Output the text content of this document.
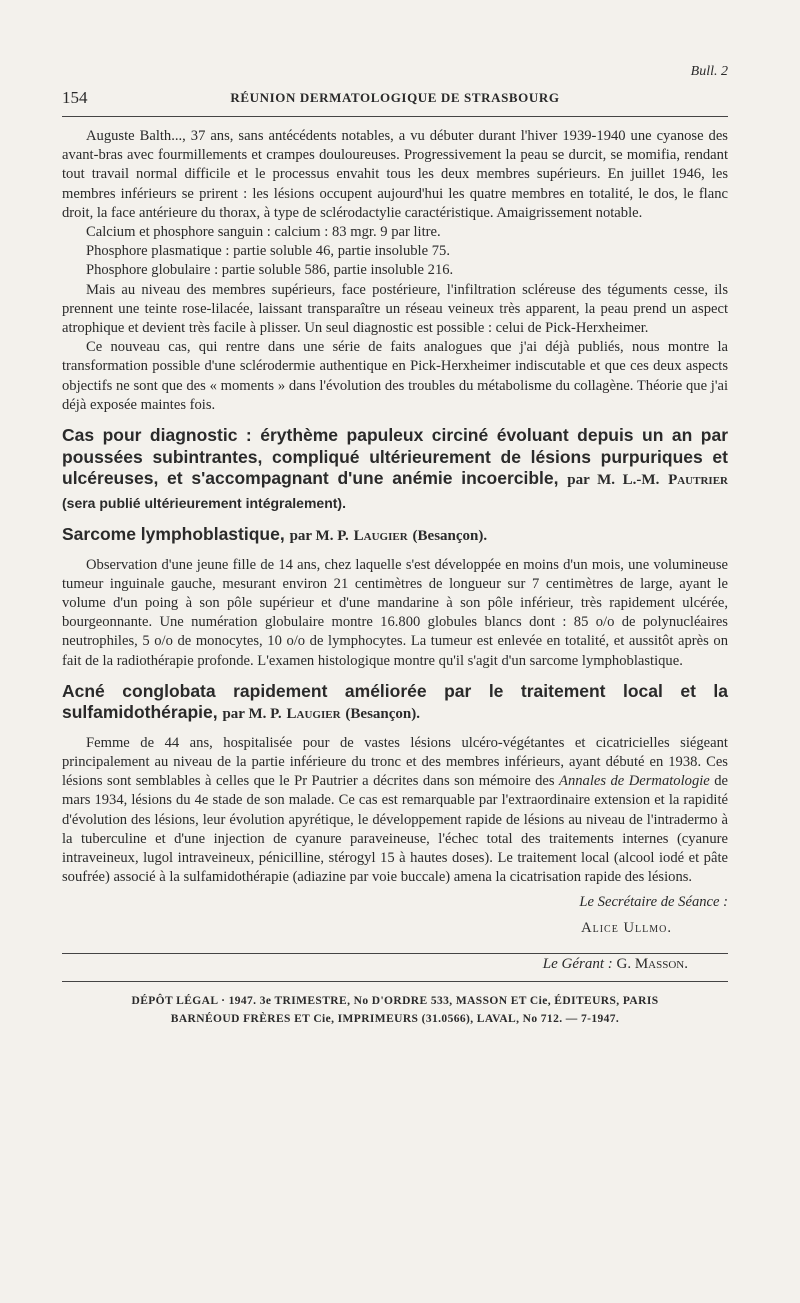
Bull. 2
154	RÉUNION DERMATOLOGIQUE DE STRASBOURG

Auguste Balth..., 37 ans, sans antécédents notables, a vu débuter durant l'hiver 1939-1940 une cyanose des avant-bras avec fourmillements et crampes douloureuses. Progressivement la peau se durcit, se momifia, rendant tout travail normal difficile et le processus envahit tous les deux membres supérieurs. En juillet 1946, les membres inférieurs se prirent : les lésions occupent aujourd'hui les quatre membres en totalité, le dos, le flanc droit, la face antérieure du thorax, à type de sclérodactylie caractéristique. Amaigrissement notable.

Calcium et phosphore sanguin : calcium : 83 mgr. 9 par litre.

Phosphore plasmatique : partie soluble 46, partie insoluble 75.

Phosphore globulaire : partie soluble 586, partie insoluble 216.

Mais au niveau des membres supérieurs, face postérieure, l'infiltration scléreuse des téguments cesse, ils prennent une teinte rose-lilacée, laissant transparaître un réseau veineux très apparent, la peau prend un aspect atrophique et devient très facile à plisser. Un seul diagnostic est possible : celui de Pick-Herxheimer.

Ce nouveau cas, qui rentre dans une série de faits analogues que j'ai déjà publiés, nous montre la transformation possible d'une sclérodermie authentique en Pick-Herxheimer indiscutable et que ces deux aspects objectifs ne sont que des « moments » dans l'évolution des troubles du métabolisme du collagène. Théorie que j'ai déjà exposée maintes fois.

Cas pour diagnostic : érythème papuleux circiné évoluant depuis un an par poussées subintrantes, compliqué ultérieurement de lésions purpuriques et ulcéreuses, et s'accompagnant d'une anémie incoercible, par M. L.-M. Pautrier (sera publié ultérieurement intégralement).
Sarcome lymphoblastique, par M. P. Laugier (Besançon).

Observation d'une jeune fille de 14 ans, chez laquelle s'est développée en moins d'un mois, une volumineuse tumeur inguinale gauche, mesurant environ 21 centimètres de longueur sur 7 centimètres de large, ayant le volume d'un poing à son pôle supérieur et d'une mandarine à son pôle inférieur, très rapidement ulcérée, bourgeonnante. Une numération globulaire montre 16.800 globules blancs dont : 85 o/o de polynucléaires neutrophiles, 5 o/o de monocytes, 10 o/o de lymphocytes. La tumeur est enlevée en totalité, et aussitôt après on fait de la radiothérapie profonde. L'examen histologique montre qu'il s'agit d'un sarcome lymphoblastique.

Acné conglobata rapidement améliorée par le traitement local et la sulfamidothérapie, par M. P. Laugier (Besançon).

Femme de 44 ans, hospitalisée pour de vastes lésions ulcéro-végétantes et cicatricielles siégeant principalement au niveau de la partie inférieure du tronc et des membres inférieurs, ayant débuté en 1938. Ces lésions sont semblables à celles que le Pr Pautrier a décrites dans son mémoire des Annales de Dermatologie de mars 1934, lésions du 4e stade de son malade. Ce cas est remarquable par l'extraordinaire extension et la rapidité d'évolution des lésions, leur évolution apyrétique, le développement rapide de lésions au niveau de l'intradermo à la tuberculine et d'une injection de cyanure paraveineuse, l'échec total des traitements internes (cyanure intraveineux, lugol intraveineux, pénicilline, stérogyl 15 à hautes doses). Le traitement local (alcool iodé et pâte soufrée) associé à la sulfamidothérapie (adiazine par voie buccale) amena la cicatrisation rapide des lésions.

Le Secrétaire de Séance :
Alice Ullmo.
Le Gérant : G. Masson.
DÉPÔT LÉGAL · 1947. 3e TRIMESTRE, No D'ORDRE 533, MASSON ET Cie, ÉDITEURS, PARIS
BARNÉOUD FRÈRES ET Cie, IMPRIMEURS (31.0566), LAVAL, No 712. — 7-1947.
